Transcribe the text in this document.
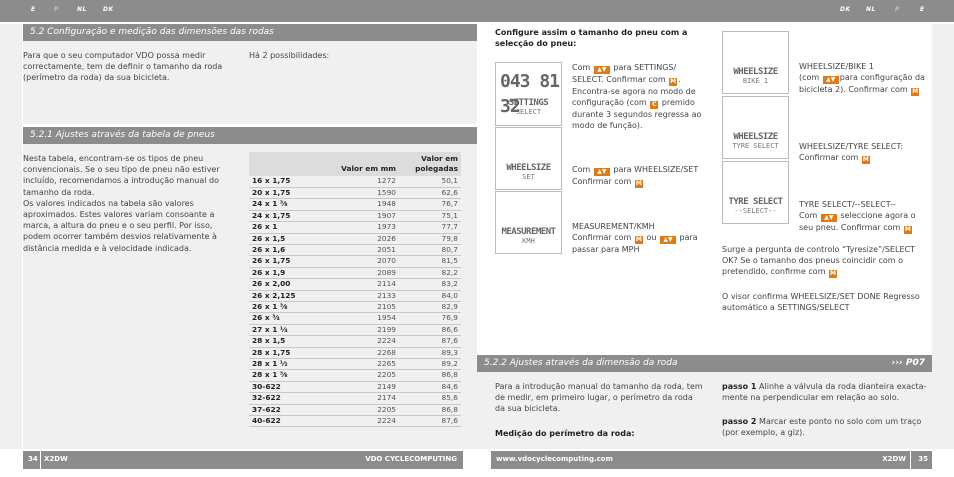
E	P	NL	DK	DK	NL	P	E
5.2 Configuração e medição das dimensões das rodas
Para que o seu computador VDO possa medir correctamente, tem de definir o tamanho da roda (perímetro da roda) da sua bicicleta.
Há 2 possibilidades:
5.2.1 Ajustes através da tabela de pneus
Nesta tabela, encontram-se os tipos de pneu convencionais. Se o seu tipo de pneu não estiver incluído, recomendamos a introdução manual do tamanho da roda.
Os valores indicados na tabela são valores aproximados. Estes valores variam consoante a marca, a altura do pneu e o seu perfil. Por isso, podem ocorrer também desvios relativamente à distância medida e à velocidade indicada.
	Valor em mm	Valor em polegadas
16 x 1,75	1272	50,1
20 x 1,75	1590	62,6
24 x 1 ³⁄₈	1948	76,7
24 x 1,75	1907	75,1
26 x 1	1973	77,7
26 x 1,5	2026	79,8
26 x 1,6	2051	80,7
26 x 1,75	2070	81,5
26 x 1,9	2089	82,2
26 x 2,00	2114	83,2
26 x 2,125	2133	84,0
26 x 1 ³⁄₈	2105	82,9
26 x ³⁄₄	1954	76,9
27 x 1 ¹⁄₄	2199	86,6
28 x 1,5	2224	87,6
28 x 1,75	2268	89,3
28 x 1 ¹⁄₂	2265	89,2
28 x 1 ³⁄₈	2205	86,8
30-622	2149	84,6
32-622	2174	85,6
37-622	2205	86,8
40-622	2224	87,6
Configure assim o tamanho do pneu com a selecção do pneu:
043 81 32
SETTINGS
SELECT
WHEELSIZE
SET
MEASUREMENT
KMH
Com ▲▼ para SETTINGS/ SELECT. Confirmar com M . Encontra-se agora no modo de configuração (com C premido durante 3 segundos regressa ao modo de função).
Com ▲▼ para WHEELSIZE/SET Confirmar com M
MEASUREMENT/KMH
Confirmar com M ou ▲▼ para passar para MPH
WHEELSIZE
BIKE 1
WHEELSIZE
TYRE SELECT
TYRE SELECT
--SELECT--
WHEELSIZE/BIKE 1
(com ▲▼ para configuração da bicicleta 2). Confirmar com M
WHEELSIZE/TYRE SELECT:
Confirmar com M
TYRE SELECT/--SELECT--
Com ▲▼ seleccione agora o seu pneu. Confirmar com M
Surge a pergunta de controlo “Tyresize”/SELECT OK? Se o tamanho dos pneus coincidir com o pretendido, confirme com M
O visor confirma WHEELSIZE/SET DONE Regresso automático a SETTINGS/SELECT
5.2.2 Ajustes através da dimensão da roda	››› P07
Para a introdução manual do tamanho da roda, tem de medir, em primeiro lugar, o perímetro da roda da sua bicicleta.
Medição do perímetro da roda:
passo 1 Alinhe a válvula da roda dianteira exacta-mente na perpendicular em relação ao solo.
passo 2 Marcar este ponto no solo com um traço (por exemplo, a giz).
34 X2DW	VDO CYCLECOMPUTING	www.vdocyclecomputing.com	X2DW 35
